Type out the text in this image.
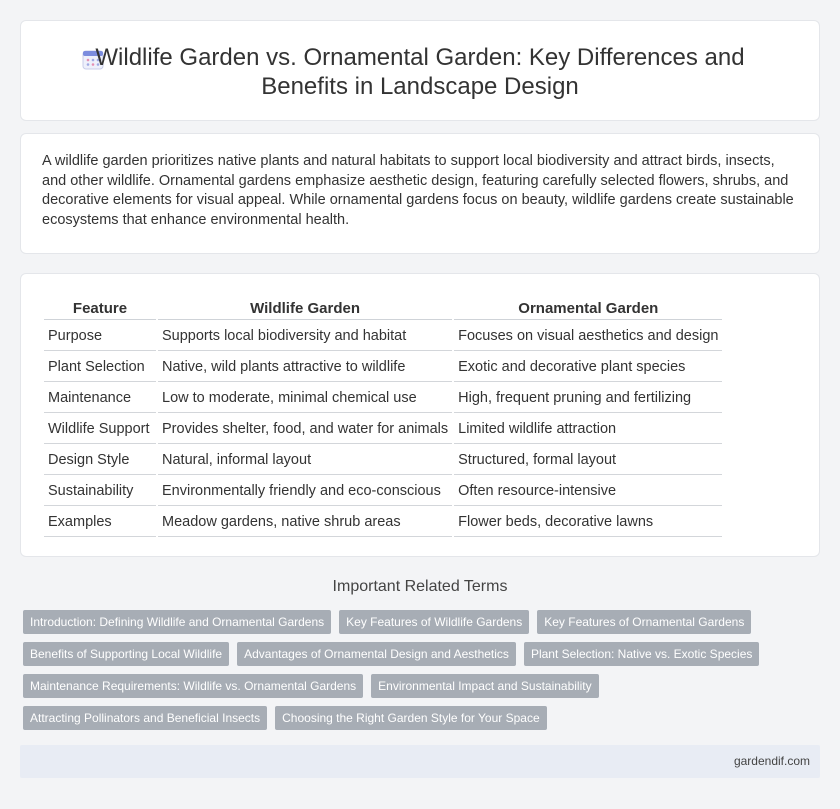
Wildlife Garden vs. Ornamental Garden: Key Differences and Benefits in Landscape Design

A wildlife garden prioritizes native plants and natural habitats to support local biodiversity and attract birds, insects, and other wildlife. Ornamental gardens emphasize aesthetic design, featuring carefully selected flowers, shrubs, and decorative elements for visual appeal. While ornamental gardens focus on beauty, wildlife gardens create sustainable ecosystems that enhance environmental health.

Feature	Wildlife Garden	Ornamental Garden
Purpose	Supports local biodiversity and habitat	Focuses on visual aesthetics and design
Plant Selection	Native, wild plants attractive to wildlife	Exotic and decorative plant species
Maintenance	Low to moderate, minimal chemical use	High, frequent pruning and fertilizing
Wildlife Support	Provides shelter, food, and water for animals	Limited wildlife attraction
Design Style	Natural, informal layout	Structured, formal layout
Sustainability	Environmentally friendly and eco-conscious	Often resource-intensive
Examples	Meadow gardens, native shrub areas	Flower beds, decorative lawns
Important Related Terms
Introduction: Defining Wildlife and Ornamental Gardens	Key Features of Wildlife Gardens	Key Features of Ornamental Gardens
Benefits of Supporting Local Wildlife	Advantages of Ornamental Design and Aesthetics	Plant Selection: Native vs. Exotic Species
Maintenance Requirements: Wildlife vs. Ornamental Gardens	Environmental Impact and Sustainability
Attracting Pollinators and Beneficial Insects	Choosing the Right Garden Style for Your Space
gardendif.com
